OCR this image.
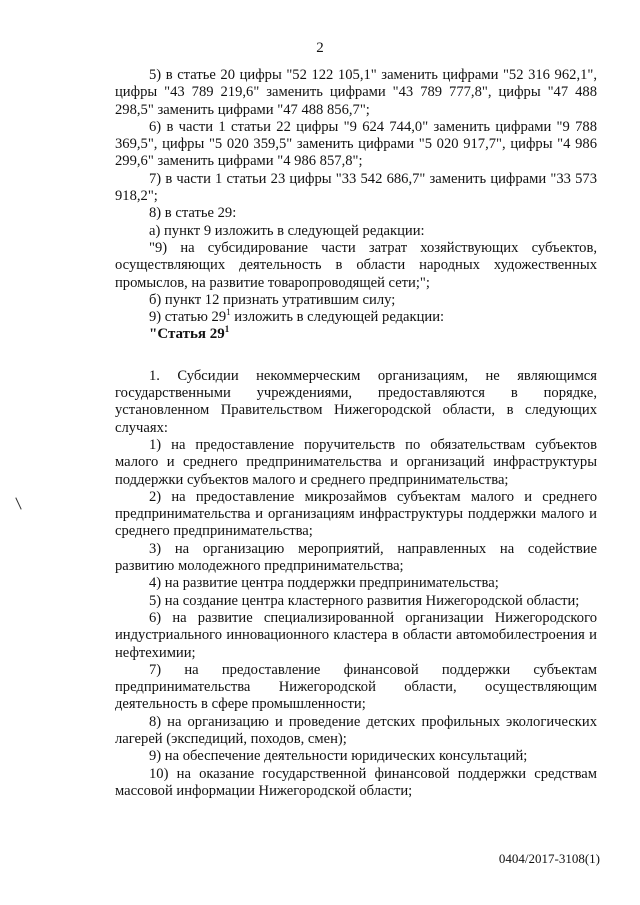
2

5) в статье 20 цифры "52 122 105,1" заменить цифрами "52 316 962,1", цифры "43 789 219,6" заменить цифрами "43 789 777,8", цифры "47 488 298,5" заменить цифрами "47 488 856,7";

6) в части 1 статьи 22 цифры "9 624 744,0" заменить цифрами "9 788 369,5", цифры "5 020 359,5" заменить цифрами "5 020 917,7", цифры "4 986 299,6" заменить цифрами "4 986 857,8";

7) в части 1 статьи 23 цифры "33 542 686,7" заменить цифрами "33 573 918,2";

8) в статье 29:

а) пункт 9 изложить в следующей редакции:

"9) на субсидирование части затрат хозяйствующих субъектов, осуществляющих деятельность в области народных художественных промыслов, на развитие товаропроводящей сети;";

б) пункт 12 признать утратившим силу;

9) статью $29^1$ изложить в следующей редакции:

"Статья $29^1$

1. Субсидии некоммерческим организациям, не являющимся государственными учреждениями, предоставляются в порядке, установленном Правительством Нижегородской области, в следующих случаях:

1) на предоставление поручительств по обязательствам субъектов малого и среднего предпринимательства и организаций инфраструктуры поддержки субъектов малого и среднего предпринимательства;

2) на предоставление микрозаймов субъектам малого и среднего предпринимательства и организациям инфраструктуры поддержки малого и среднего предпринимательства;

3) на организацию мероприятий, направленных на содействие развитию молодежного предпринимательства;

4) на развитие центра поддержки предпринимательства;

5) на создание центра кластерного развития Нижегородской области;

6) на развитие специализированной организации Нижегородского индустриального инновационного кластера в области автомобилестроения и нефтехимии;

7) на предоставление финансовой поддержки субъектам предпринимательства Нижегородской области, осуществляющим деятельность в сфере промышленности;

8) на организацию и проведение детских профильных экологических лагерей (экспедиций, походов, смен);

9) на обеспечение деятельности юридических консультаций;

10) на оказание государственной финансовой поддержки средствам массовой информации Нижегородской области;

0404/2017-3108(1)
